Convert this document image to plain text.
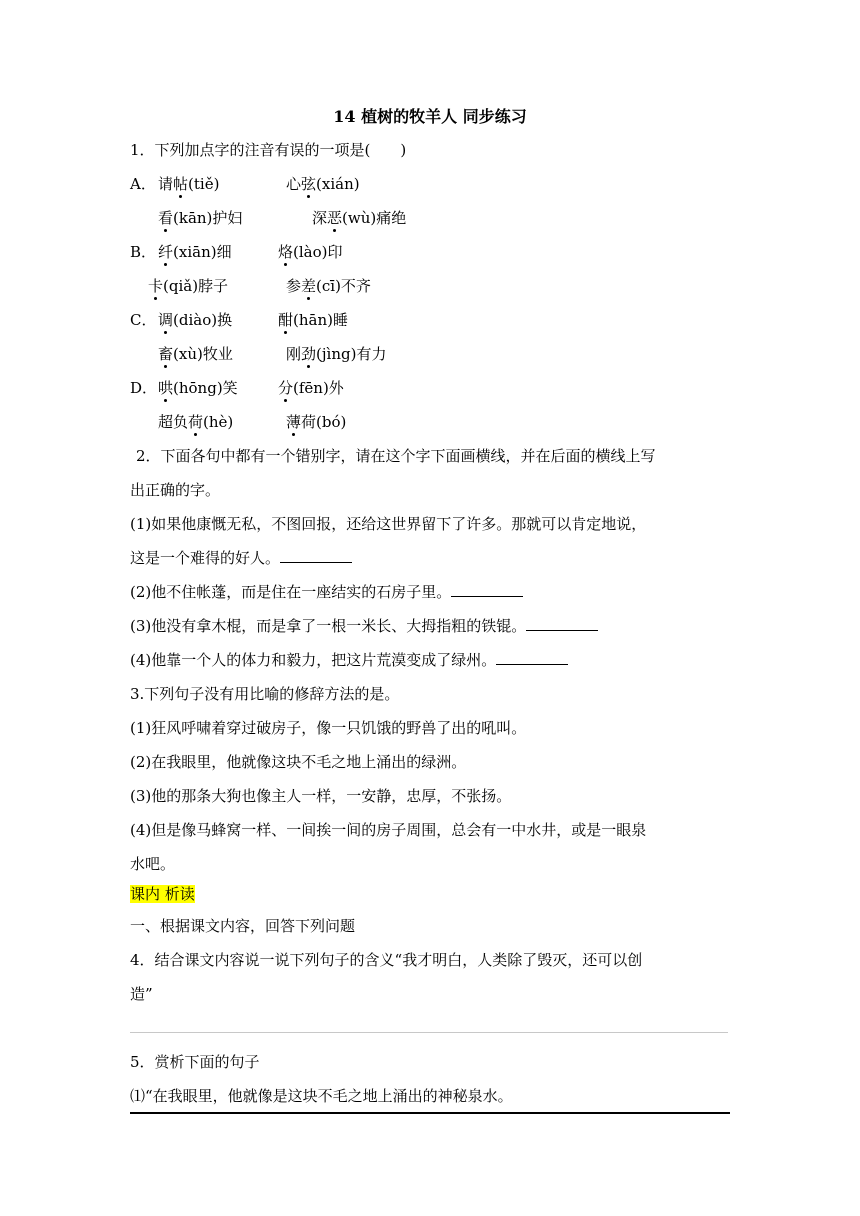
14 植树的牧羊人 同步练习
1．下列加点字的注音有误的一项是(　　)
A． 请帖(tiě)	心弦(xián)
看(kān)护妇	深恶(wù)痛绝
B． 纤(xiān)细	烙(lào)印
卡(qiǎ)脖子	参差(cī)不齐
C． 调(diào)换	酣(hān)睡
畜(xù)牧业	刚劲(jìng)有力
D． 哄(hōng)笑	分(fēn)外
超负荷(hè)	薄荷(bó)
2．下面各句中都有一个错别字，请在这个字下面画横线，并在后面的横线上写
出正确的字。
(1)如果他康慨无私，不图回报，还给这世界留下了许多。那就可以肯定地说，
这是一个难得的好人。
(2)他不住帐蓬，而是住在一座结实的石房子里。
(3)他没有拿木棍，而是拿了一根一米长、大拇指粗的铁锟。
(4)他靠一个人的体力和毅力，把这片荒漠变成了绿州。
3.下列句子没有用比喻的修辞方法的是。
(1)狂风呼啸着穿过破房子，像一只饥饿的野兽了出的吼叫。
(2)在我眼里，他就像这块不毛之地上涌出的绿洲。
(3)他的那条大狗也像主人一样，一安静，忠厚，不张扬。
(4)但是像马蜂窝一样、一间挨一间的房子周围，总会有一中水井，或是一眼泉
水吧。
课内 析读
一、根据课文内容，回答下列问题
4．结合课文内容说一说下列句子的含义“我才明白，人类除了毁灭，还可以创
造”
5．赏析下面的句子
⑴“在我眼里，他就像是这块不毛之地上涌出的神秘泉水。
